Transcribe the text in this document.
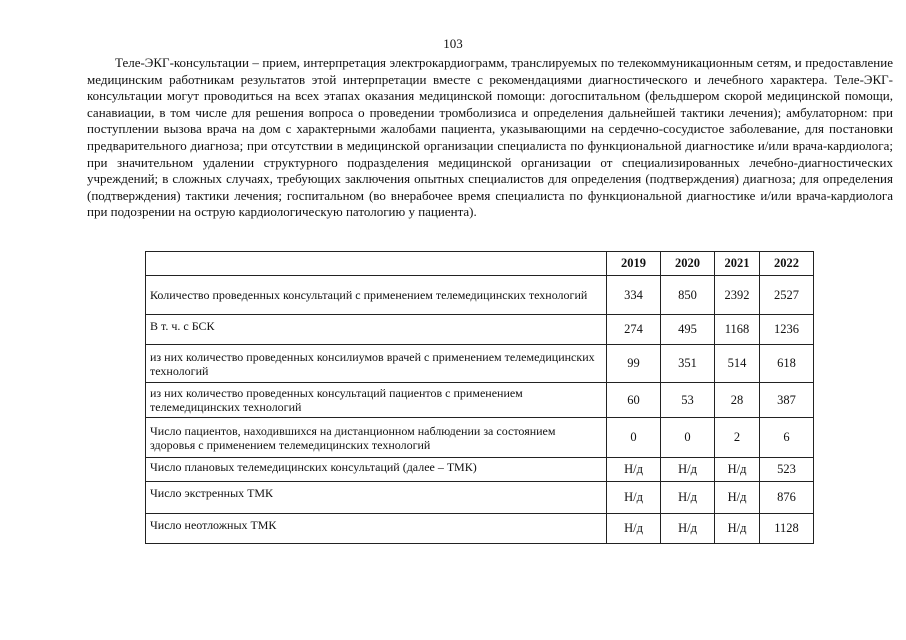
103

Теле-ЭКГ-консультации – прием, интерпретация электрокардиограмм, транслируемых по телекоммуникационным сетям, и предоставление медицинским работникам результатов этой интерпретации вместе с рекомендациями диагностического и лечебного характера. Теле-ЭКГ-консультации могут проводиться на всех этапах оказания медицинской помощи: догоспитальном (фельдшером скорой медицинской помощи, санавиации, в том числе для решения вопроса о проведении тромболизиса и определения дальнейшей тактики лечения); амбулаторном: при поступлении вызова врача на дом с характерными жалобами пациента, указывающими на сердечно-сосудистое заболевание, для постановки предварительного диагноза; при отсутствии в медицинской организации специалиста по функциональной диагностике и/или врача-кардиолога; при значительном удалении структурного подразделения медицинской организации от специализированных лечебно-диагностических учреждений; в сложных случаях, требующих заключения опытных специалистов для определения (подтверждения) диагноза; для определения (подтверждения) тактики лечения; госпитальном (во внерабочее время специалиста по функциональной диагностике и/или врача-кардиолога при подозрении на острую кардиологическую патологию у пациента).

	2019	2020	2021	2022
Количество проведенных консультаций с применением телемедицинских технологий	334	850	2392	2527
В т. ч. с БСК	274	495	1168	1236
из них количество проведенных консилиумов врачей с применением телемедицинских технологий	99	351	514	618
из них количество проведенных консультаций пациентов с применением телемедицинских технологий	60	53	28	387
Число пациентов, находившихся на дистанционном наблюдении за состоянием здоровья с применением телемедицинских технологий	0	0	2	6
Число плановых телемедицинских консультаций (далее – ТМК)	Н/д	Н/д	Н/д	523
Число экстренных ТМК	Н/д	Н/д	Н/д	876
Число неотложных ТМК	Н/д	Н/д	Н/д	1128
